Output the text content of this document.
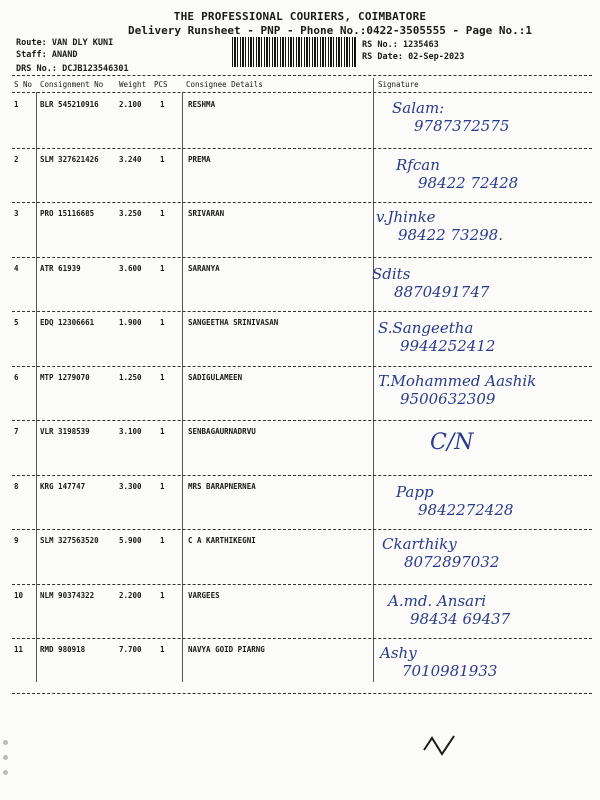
THE PROFESSIONAL COURIERS, COIMBATORE
Delivery Runsheet - PNP - Phone No.:0422-3505555 - Page No.:1
Route: VAN DLY KUNI
Staff: ANAND
DRS No.: DCJB123546301
RS No.: 1235463
RS Date: 02-Sep-2023
S No Consignment No Weight PCS Consignee Details	Signature
1	BLR 545210916	2.100 1	RESHMA	Salam:
9787372575
2	SLM 327621426	3.240 1	PREMA	Rfcan
98422 72428
3	PRO 15116685	3.250 1	SRIVARAN	v.Jhinke
98422 73298.
4	ATR 61939	3.600 1	SARANYA	Sdits
8870491747
5	EDQ 12306661	1.900 1	SANGEETHA SRINIVASAN	S.Sangeetha
9944252412
6	MTP 1279070	1.250 1	SADIGULAMEEN	T.Mohammed Aashik
9500632309
7	VLR 3198539	3.100 1	SENBAGAURNADRVU	C/N
8	KRG 147747	3.300 1	MRS BARAPNERNEA	Papp
9842272428
9	SLM 327563520	5.900 1	C A KARTHIKEGNI	Ckarthiky
8072897032
10 NLM 90374322	2.200 1	VARGEES	A.md. Ansari
98434 69437
11 RMD 980918	7.700 1	NAVYA GOID PIARNG	Ashy
7010981933
